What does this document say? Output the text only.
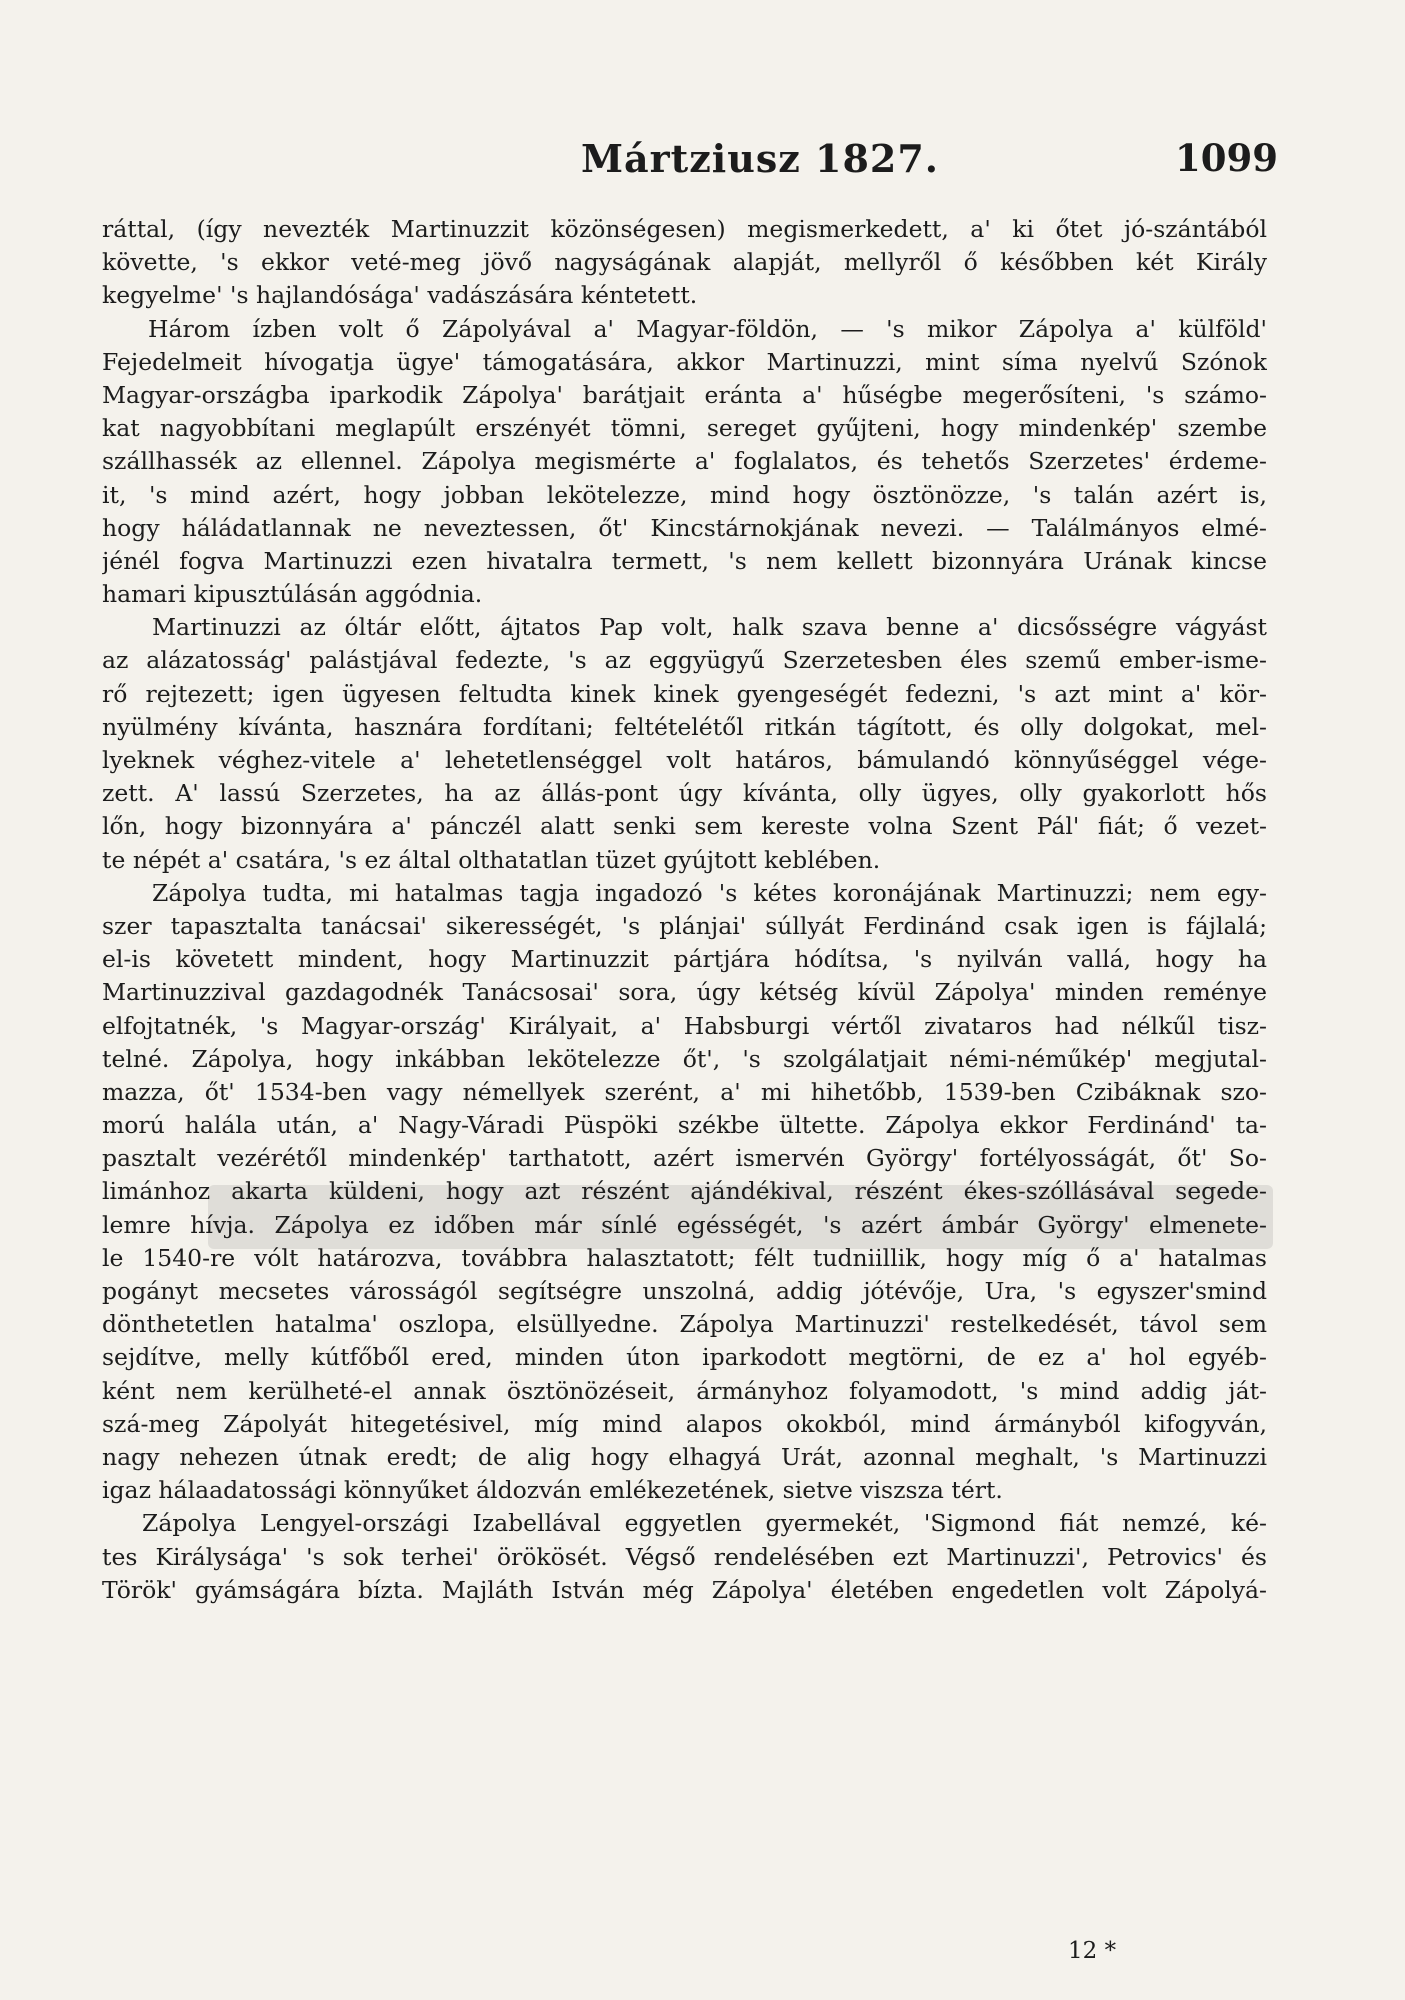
Mártziusz 1827.	1099
ráttal, (így nevezték Martinuzzit közönségesen) megismerkedett, a' ki őtet jó-szántából
követte, 's ekkor veté-meg jövő nagyságának alapját, mellyről ő későbben két Király
kegyelme' 's hajlandósága' vadászására kéntetett.
Három ízben volt ő Zápolyával a' Magyar-földön, — 's mikor Zápolya a' külföld'
Fejedelmeit hívogatja ügye' támogatására, akkor Martinuzzi, mint síma nyelvű Szónok
Magyar-országba iparkodik Zápolya' barátjait eránta a' hűségbe megerősíteni, 's számo-
kat nagyobbítani meglapúlt erszényét tömni, sereget gyűjteni, hogy mindenkép' szembe
szállhassék az ellennel. Zápolya megismérte a' foglalatos, és tehetős Szerzetes' érdeme-
it, 's mind azért, hogy jobban lekötelezze, mind hogy ösztönözze, 's talán azért is,
hogy háládatlannak ne neveztessen, őt' Kincstárnokjának nevezi. — Találmányos elmé-
jénél fogva Martinuzzi ezen hivatalra termett, 's nem kellett bizonnyára Urának kincse
hamari kipusztúlásán aggódnia.
Martinuzzi az óltár előtt, ájtatos Pap volt, halk szava benne a' dicsősségre vágyást
az alázatosság' palástjával fedezte, 's az eggyügyű Szerzetesben éles szemű ember-isme-
rő rejtezett; igen ügyesen feltudta kinek kinek gyengeségét fedezni, 's azt mint a' kör-
nyülmény kívánta, hasznára fordítani; feltételétől ritkán tágított, és olly dolgokat, mel-
lyeknek véghez-vitele a' lehetetlenséggel volt határos, bámulandó könnyűséggel vége-
zett. A' lassú Szerzetes, ha az állás-pont úgy kívánta, olly ügyes, olly gyakorlott hős
lőn, hogy bizonnyára a' pánczél alatt senki sem kereste volna Szent Pál' fiát; ő vezet-
te népét a' csatára, 's ez által olthatatlan tüzet gyújtott keblében.
Zápolya tudta, mi hatalmas tagja ingadozó 's kétes koronájának Martinuzzi; nem egy-
szer tapasztalta tanácsai' sikerességét, 's plánjai' súllyát Ferdinánd csak igen is fájlalá;
el-is követett mindent, hogy Martinuzzit pártjára hódítsa, 's nyilván vallá, hogy ha
Martinuzzival gazdagodnék Tanácsosai' sora, úgy kétség kívül Zápolya' minden reménye
elfojtatnék, 's Magyar-ország' Királyait, a' Habsburgi vértől zivataros had nélkűl tisz-
telné. Zápolya, hogy inkábban lekötelezze őt', 's szolgálatjait némi-néműkép' megjutal-
mazza, őt' 1534-ben vagy némellyek szerént, a' mi hihetőbb, 1539-ben Czibáknak szo-
morú halála után, a' Nagy-Váradi Püspöki székbe ültette. Zápolya ekkor Ferdinánd' ta-
pasztalt vezérétől mindenkép' tarthatott, azért ismervén György' fortélyosságát, őt' So-
limánhoz akarta küldeni, hogy azt részént ajándékival, részént ékes-szóllásával segede-
lemre hívja. Zápolya ez időben már sínlé egésségét, 's azért ámbár György' elmenete-
le 1540-re vólt határozva, továbbra halasztatott; félt tudniillik, hogy míg ő a' hatalmas
pogányt mecsetes városságól segítségre unszolná, addig jótévője, Ura, 's egyszer'smind
dönthetetlen hatalma' oszlopa, elsüllyedne. Zápolya Martinuzzi' restelkedését, távol sem
sejdítve, melly kútfőből ered, minden úton iparkodott megtörni, de ez a' hol egyéb-
ként nem kerülheté-el annak ösztönözéseit, ármányhoz folyamodott, 's mind addig ját-
szá-meg Zápolyát hitegetésivel, míg mind alapos okokból, mind ármányból kifogyván,
nagy nehezen útnak eredt; de alig hogy elhagyá Urát, azonnal meghalt, 's Martinuzzi
igaz hálaadatossági könnyűket áldozván emlékezetének, sietve viszsza tért.
Zápolya Lengyel-országi Izabellával eggyetlen gyermekét, 'Sigmond fiát nemzé, ké-
tes Királysága' 's sok terhei' örökösét. Végső rendelésében ezt Martinuzzi', Petrovics' és
Török' gyámságára bízta. Majláth István még Zápolya' életében engedetlen volt Zápolyá-
12 *
